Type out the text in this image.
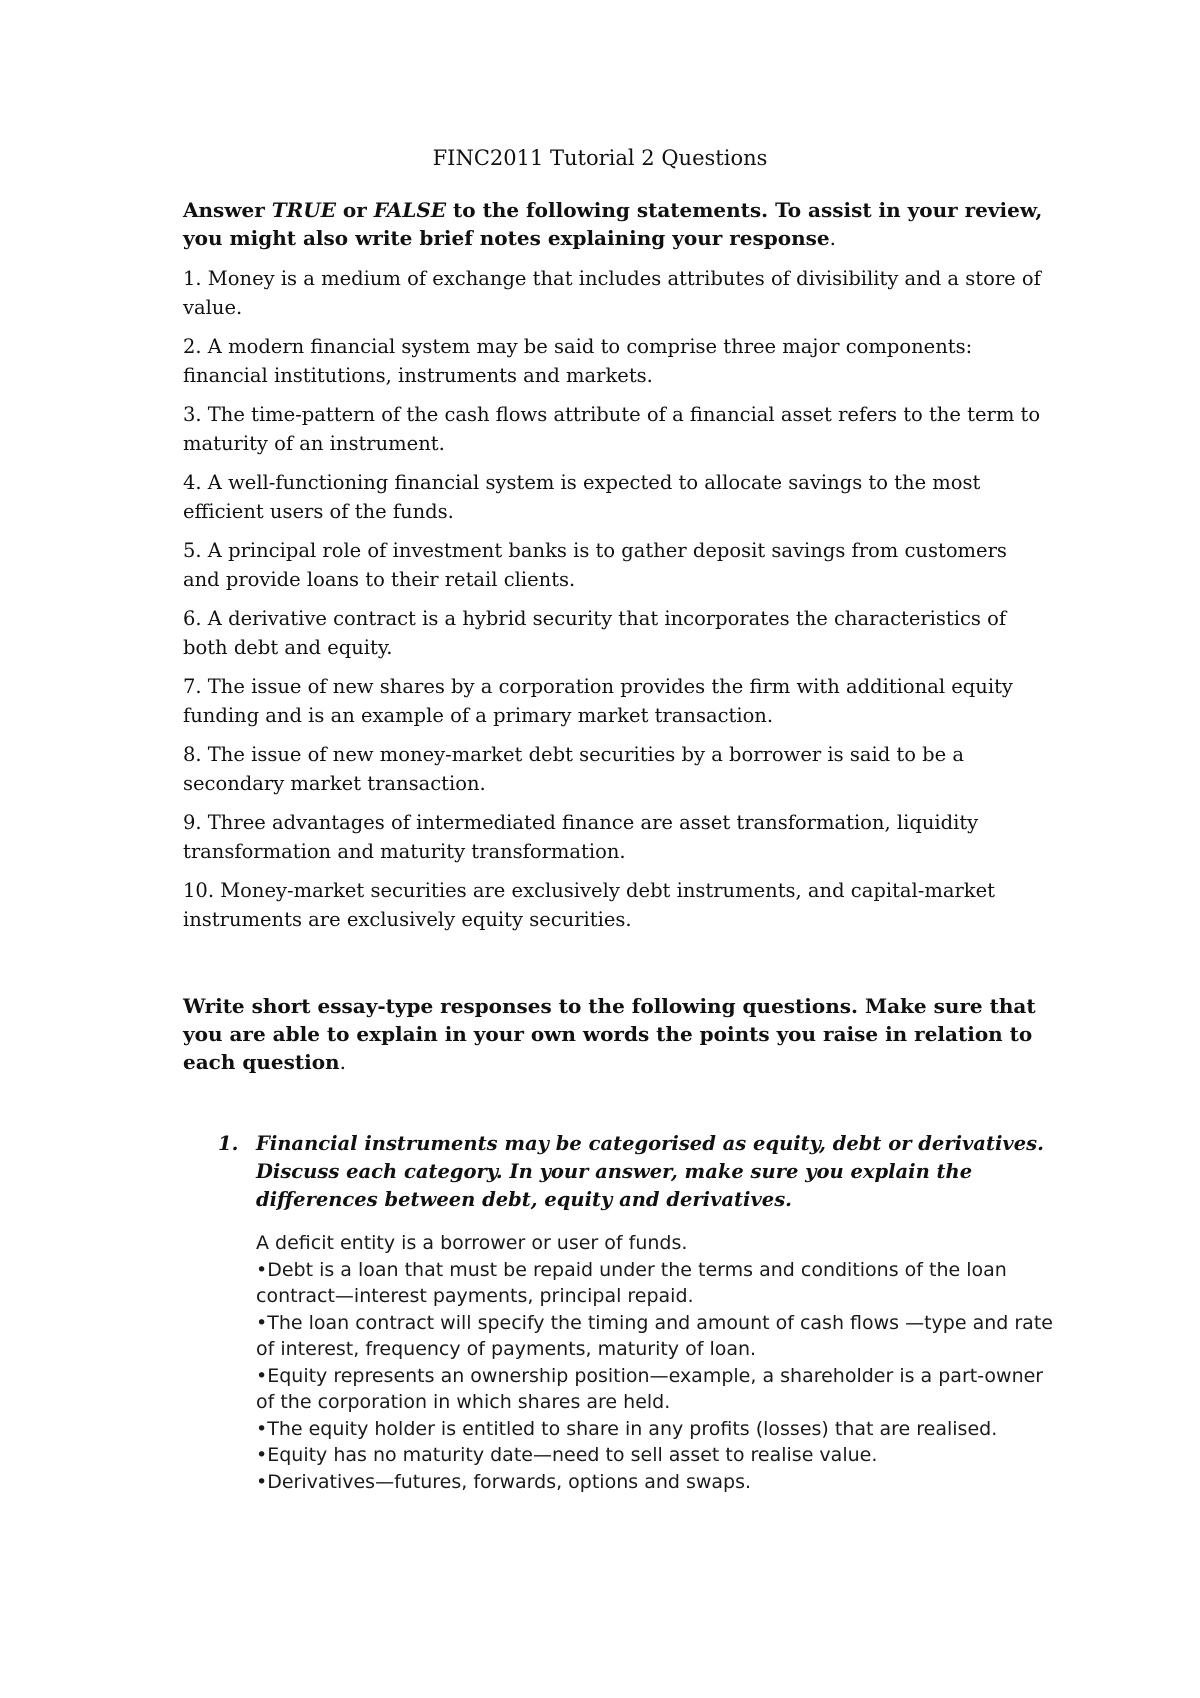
FINC2011 Tutorial 2 Questions
Answer TRUE or FALSE to the following statements. To assist in your review, you might also write brief notes explaining your response.

1. Money is a medium of exchange that includes attributes of divisibility and a store of value.

2. A modern financial system may be said to comprise three major components: financial institutions, instruments and markets.

3. The time-pattern of the cash flows attribute of a financial asset refers to the term to maturity of an instrument.

4. A well-functioning financial system is expected to allocate savings to the most efficient users of the funds.

5. A principal role of investment banks is to gather deposit savings from customers and provide loans to their retail clients.

6. A derivative contract is a hybrid security that incorporates the characteristics of both debt and equity.

7. The issue of new shares by a corporation provides the firm with additional equity funding and is an example of a primary market transaction.

8. The issue of new money-market debt securities by a borrower is said to be a secondary market transaction.

9. Three advantages of intermediated finance are asset transformation, liquidity transformation and maturity transformation.

10. Money-market securities are exclusively debt instruments, and capital-market instruments are exclusively equity securities.

Write short essay-type responses to the following questions. Make sure that you are able to explain in your own words the points you raise in relation to each question.
1. Financial instruments may be categorised as equity, debt or derivatives. Discuss each category. In your answer, make sure you explain the differences between debt, equity and derivatives.
A deficit entity is a borrower or user of funds.
•Debt is a loan that must be repaid under the terms and conditions of the loan contract—interest payments, principal repaid.
•The loan contract will specify the timing and amount of cash flows —type and rate of interest, frequency of payments, maturity of loan.
•Equity represents an ownership position—example, a shareholder is a part-owner of the corporation in which shares are held.
•The equity holder is entitled to share in any profits (losses) that are realised.
•Equity has no maturity date—need to sell asset to realise value.
•Derivatives—futures, forwards, options and swaps.
